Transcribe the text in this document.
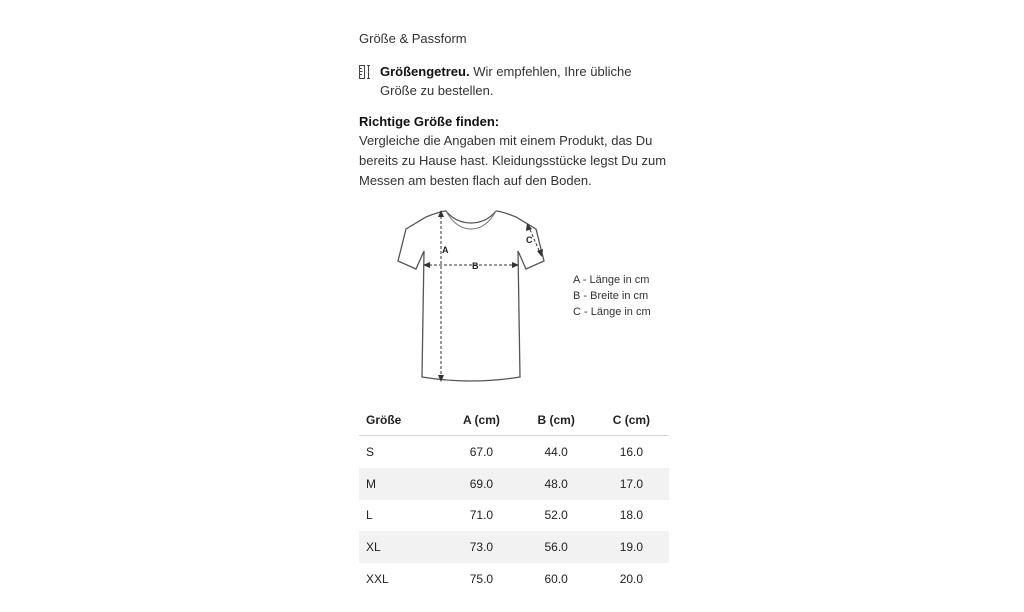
Größe & Passform
Größengetreu. Wir empfehlen, Ihre übliche Größe zu bestellen.
Richtige Größe finden:
Vergleiche die Angaben mit einem Produkt, das Du bereits zu Hause hast. Kleidungsstücke legst Du zum Messen am besten flach auf den Boden.
A
B
C
A - Länge in cm
B - Breite in cm
C - Länge in cm
Größe	A (cm)	B (cm)	C (cm)
S	67.0	44.0	16.0
M	69.0	48.0	17.0
L	71.0	52.0	18.0
XL	73.0	56.0	19.0
XXL	75.0	60.0	20.0
